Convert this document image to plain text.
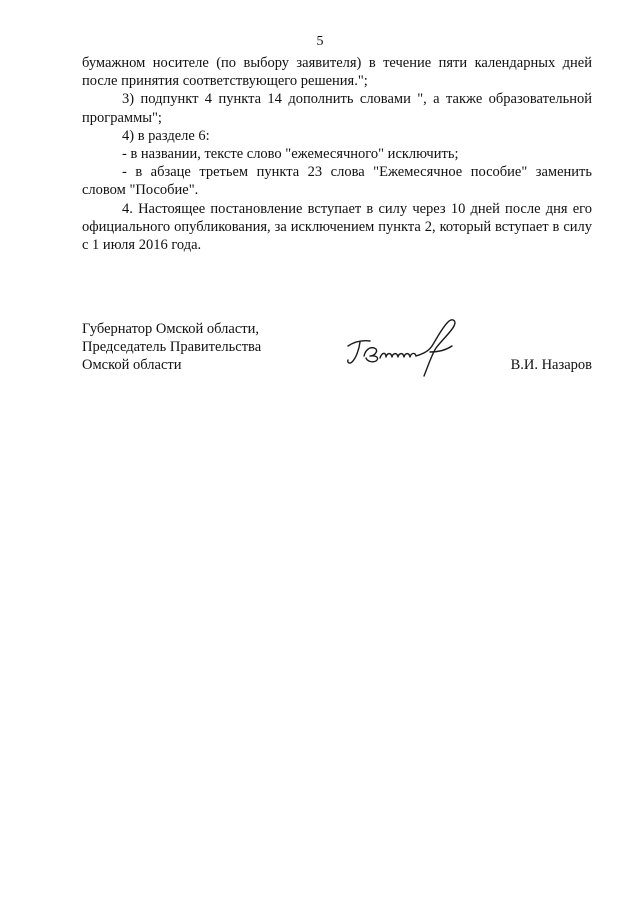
5

бумажном носителе (по выбору заявителя) в течение пяти календарных дней после принятия соответствующего решения.";

3) подпункт 4 пункта 14 дополнить словами ", а также образовательной программы";

4) в разделе 6:

- в названии, тексте слово "ежемесячного" исключить;

- в абзаце третьем пункта 23 слова "Ежемесячное пособие" заменить словом "Пособие".

4. Настоящее постановление вступает в силу через 10 дней после дня его официального опубликования, за исключением пункта 2, который вступает в силу с 1 июля 2016 года.

Губернатор Омской области,
Председатель Правительства
Омской области	В.И. Назаров
